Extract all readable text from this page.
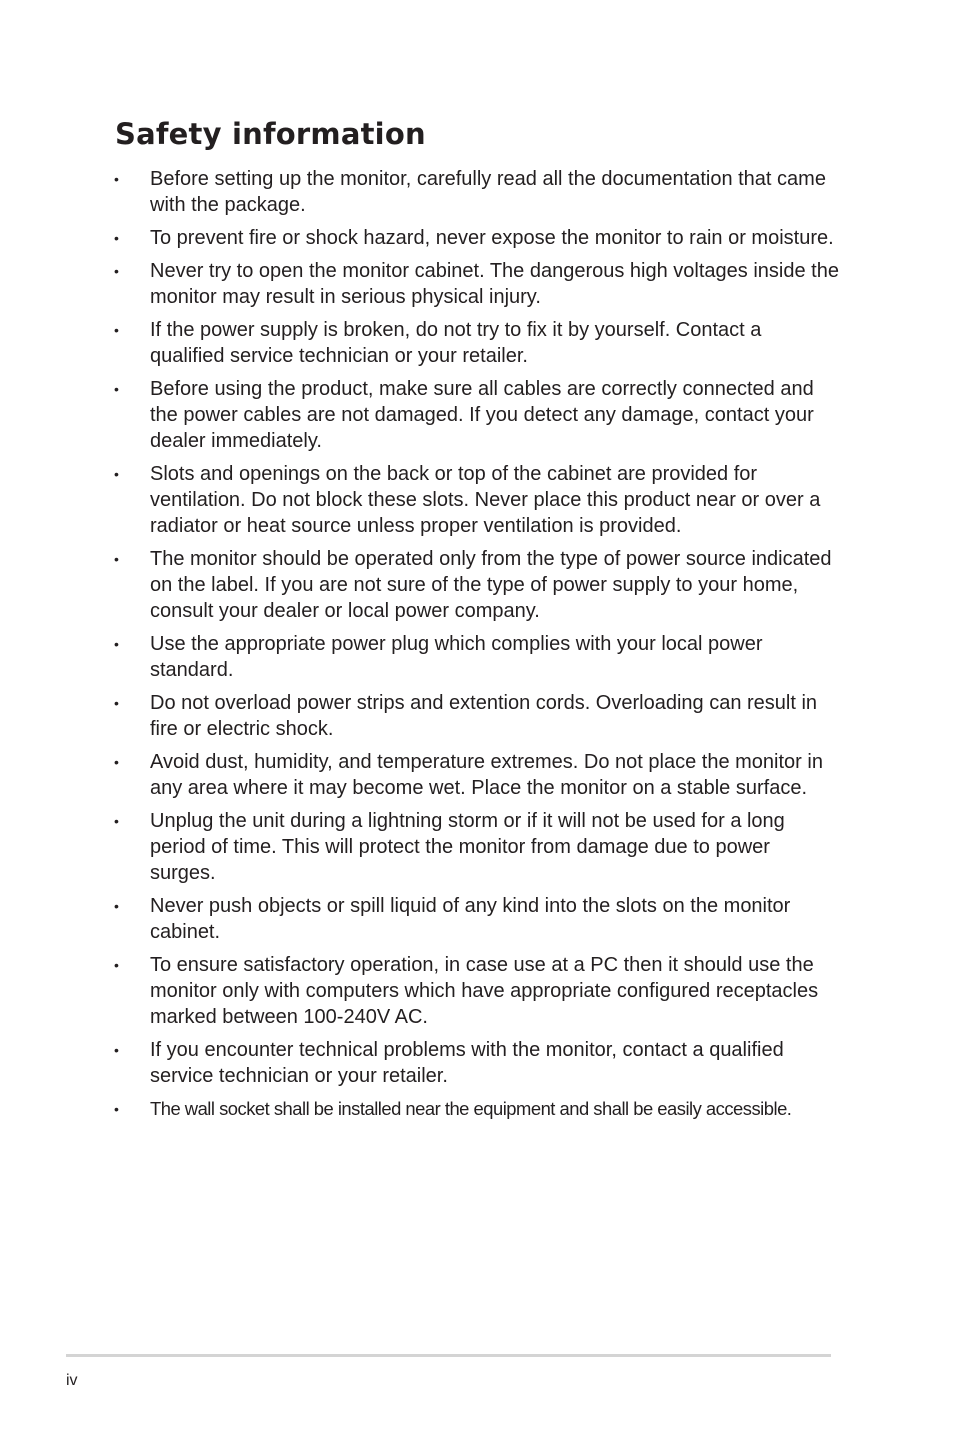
Safety information
• Before setting up the monitor, carefully read all the documentation that came with the package.
• To prevent fire or shock hazard, never expose the monitor to rain or moisture.
• Never try to open the monitor cabinet. The dangerous high voltages inside the monitor may result in serious physical injury.
• If the power supply is broken, do not try to fix it by yourself. Contact a qualified service technician or your retailer.
• Before using the product, make sure all cables are correctly connected and the power cables are not damaged. If you detect any damage, contact your dealer immediately.
• Slots and openings on the back or top of the cabinet are provided for ventilation. Do not block these slots. Never place this product near or over a radiator or heat source unless proper ventilation is provided.
• The monitor should be operated only from the type of power source indicated on the label. If you are not sure of the type of power supply to your home, consult your dealer or local power company.
• Use the appropriate power plug which complies with your local power standard.
• Do not overload power strips and extention cords. Overloading can result in fire or electric shock.
• Avoid dust, humidity, and temperature extremes. Do not place the monitor in any area where it may become wet. Place the monitor on a stable surface.
• Unplug the unit during a lightning storm or if it will not be used for a long period of time. This will protect the monitor from damage due to power surges.
• Never push objects or spill liquid of any kind into the slots on the monitor cabinet.
• To ensure satisfactory operation, in case use at a PC then it should use the monitor only with computers which have appropriate configured receptacles marked between 100-240V AC.
• If you encounter technical problems with the monitor, contact a qualified service technician or your retailer.
• The wall socket shall be installed near the equipment and shall be easily accessible.
iv
